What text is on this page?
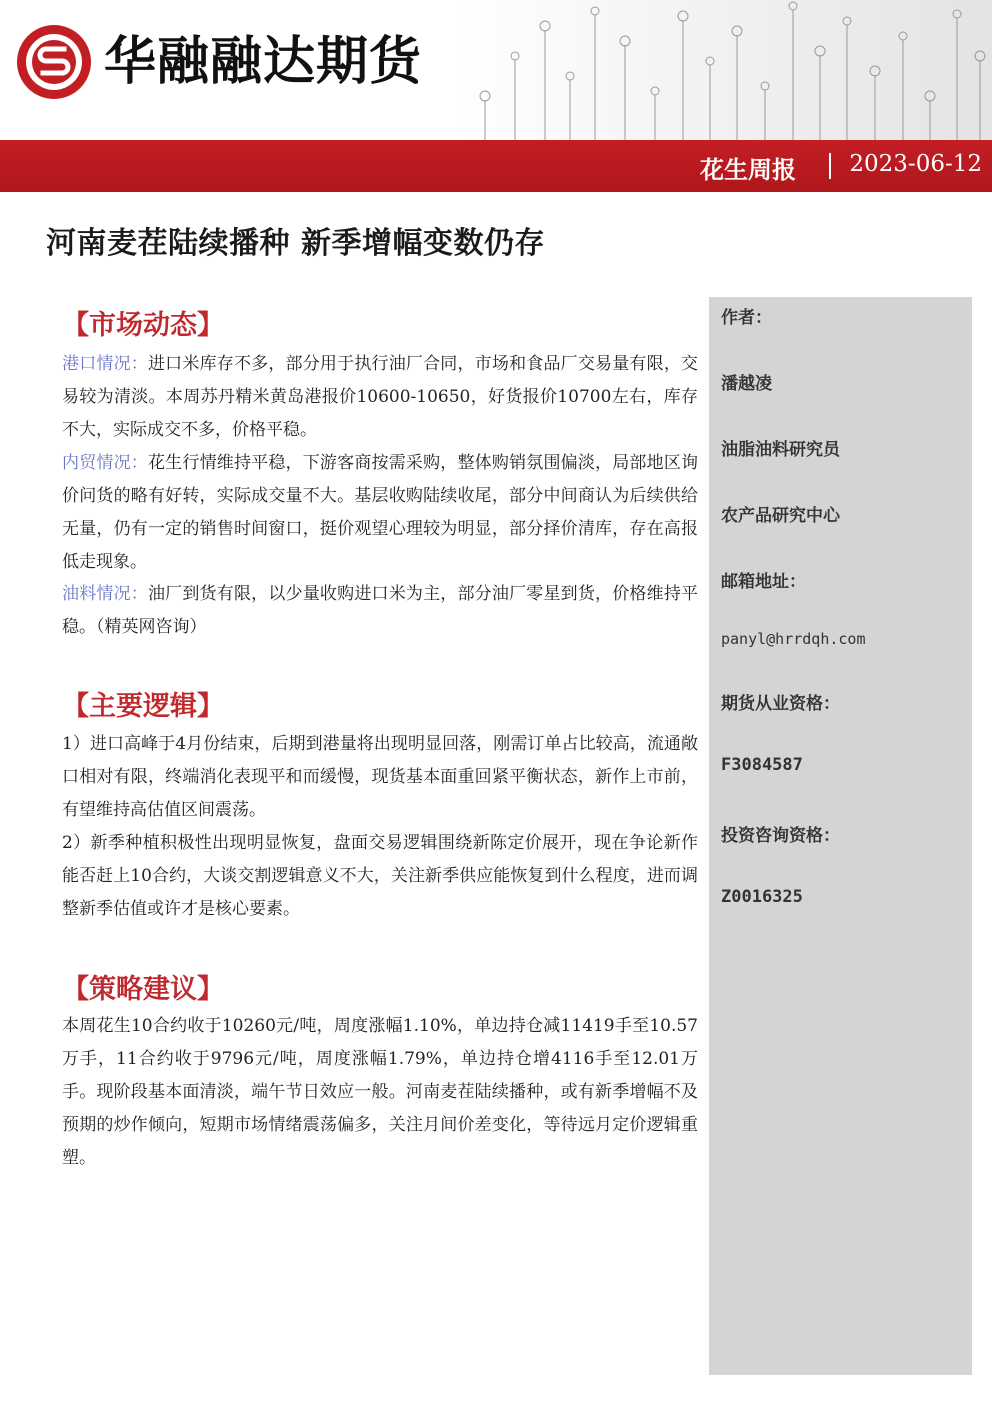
华融融达期货
花生周报 2023-06-12
河南麦茬陆续播种 新季增幅变数仍存
【市场动态】
港口情况：进口米库存不多，部分用于执行油厂合同，市场和食品厂交易量有限，交易较为清淡。本周苏丹精米黄岛港报价10600-10650，好货报价10700左右，库存不大，实际成交不多，价格平稳。
内贸情况：花生行情维持平稳，下游客商按需采购，整体购销氛围偏淡，局部地区询价问货的略有好转，实际成交量不大。基层收购陆续收尾，部分中间商认为后续供给无量，仍有一定的销售时间窗口，挺价观望心理较为明显，部分择价清库，存在高报低走现象。
油料情况：油厂到货有限，以少量收购进口米为主，部分油厂零星到货，价格维持平稳。（精英网咨询）
【主要逻辑】
1）进口高峰于4月份结束，后期到港量将出现明显回落，刚需订单占比较高，流通敞口相对有限，终端消化表现平和而缓慢，现货基本面重回紧平衡状态，新作上市前，有望维持高估值区间震荡。
2）新季种植积极性出现明显恢复，盘面交易逻辑围绕新陈定价展开，现在争论新作能否赶上10合约，大谈交割逻辑意义不大，关注新季供应能恢复到什么程度，进而调整新季估值或许才是核心要素。
【策略建议】
本周花生10合约收于10260元/吨，周度涨幅1.10%，单边持仓减11419手至10.57万手，11合约收于9796元/吨，周度涨幅1.79%，单边持仓增4116手至12.01万手。现阶段基本面清淡，端午节日效应一般。河南麦茬陆续播种，或有新季增幅不及预期的炒作倾向，短期市场情绪震荡偏多，关注月间价差变化，等待远月定价逻辑重塑。
作者：
潘越凌
油脂油料研究员
农产品研究中心
邮箱地址：
panyl@hrrdqh.com
期货从业资格：
F3084587
投资咨询资格：
Z0016325
